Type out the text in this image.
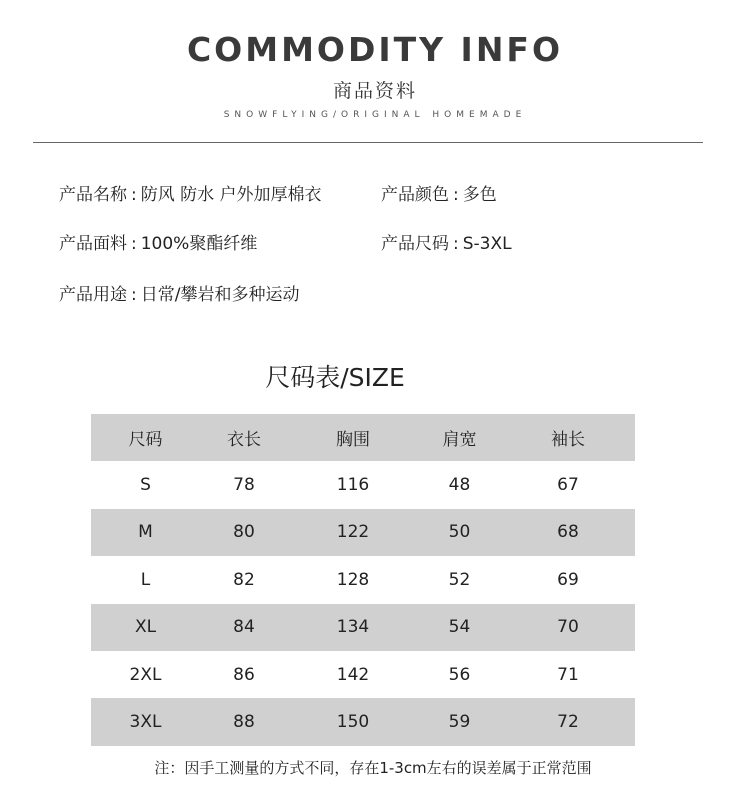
COMMODITY INFO
商品资料
SNOWFLYING/ORIGINAL HOMEMADE
产品名称 : 防风 防水 户外加厚棉衣	产品颜色 : 多色
产品面料 : 100%聚酯纤维	产品尺码 : S-3XL
产品用途 : 日常/攀岩和多种运动
尺码表/SIZE
尺码	衣长	胸围	肩宽	袖长
S	78	116	48	67
M	80	122	50	68
L	82	128	52	69
XL	84	134	54	70
2XL	86	142	56	71
3XL	88	150	59	72
注：因手工测量的方式不同，存在1-3cm左右的误差属于正常范围
